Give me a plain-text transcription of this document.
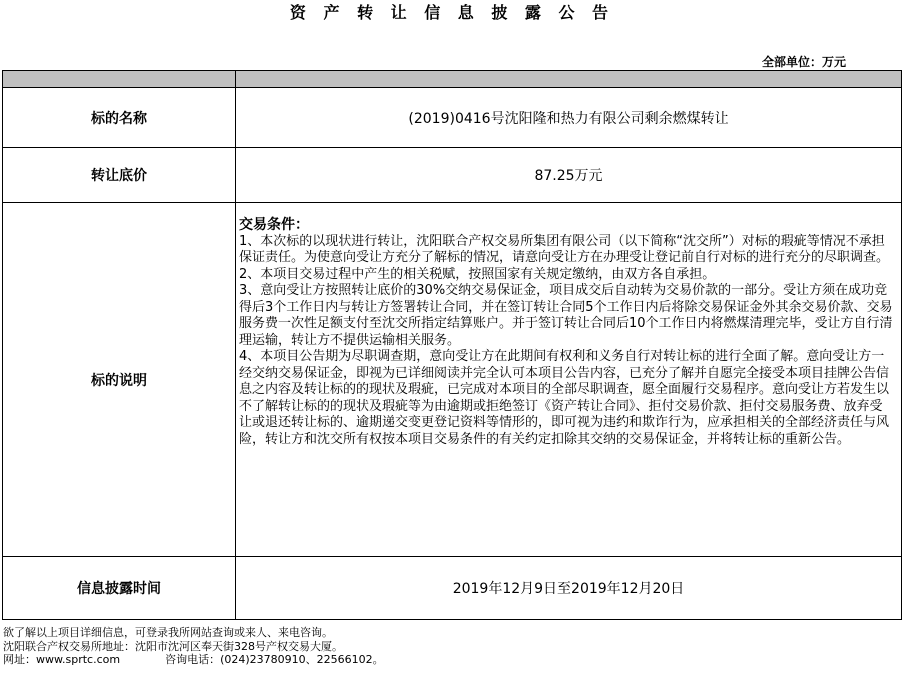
资 产 转 让 信 息 披 露 公 告
全部单位：万元

标的名称	(2019)0416号沈阳隆和热力有限公司剩余燃煤转让
转让底价	87.25万元
标的说明	交易条件：

1、本次标的以现状进行转让，沈阳联合产权交易所集团有限公司（以下简称“沈交所”）对标的瑕疵等情况不承担保证责任。为使意向受让方充分了解标的情况，请意向受让方在办理受让登记前自行对标的进行充分的尽职调查。

2、本项目交易过程中产生的相关税赋，按照国家有关规定缴纳，由双方各自承担。

3、意向受让方按照转让底价的30%交纳交易保证金，项目成交后自动转为交易价款的一部分。受让方须在成功竞得后3个工作日内与转让方签署转让合同，并在签订转让合同5个工作日内后将除交易保证金外其余交易价款、交易服务费一次性足额支付至沈交所指定结算账户。并于签订转让合同后10个工作日内将燃煤清理完毕，受让方自行清理运输，转让方不提供运输相关服务。

4、本项目公告期为尽职调查期，意向受让方在此期间有权利和义务自行对转让标的进行全面了解。意向受让方一经交纳交易保证金，即视为已详细阅读并完全认可本项目公告内容，已充分了解并自愿完全接受本项目挂牌公告信息之内容及转让标的的现状及瑕疵，已完成对本项目的全部尽职调查，愿全面履行交易程序。意向受让方若发生以不了解转让标的的现状及瑕疵等为由逾期或拒绝签订《资产转让合同》、拒付交易价款、拒付交易服务费、放弃受让或退还转让标的、逾期递交变更登记资料等情形的，即可视为违约和欺诈行为，应承担相关的全部经济责任与风险，转让方和沈交所有权按本项目交易条件的有关约定扣除其交纳的交易保证金，并将转让标的重新公告。

信息披露时间	2019年12月9日至2019年12月20日
欲了解以上项目详细信息，可登录我所网站查询或来人、来电咨询。
沈阳联合产权交易所地址：沈阳市沈河区奉天街328号产权交易大厦。
网址：www.sprtc.com	咨询电话：(024)23780910、22566102。
